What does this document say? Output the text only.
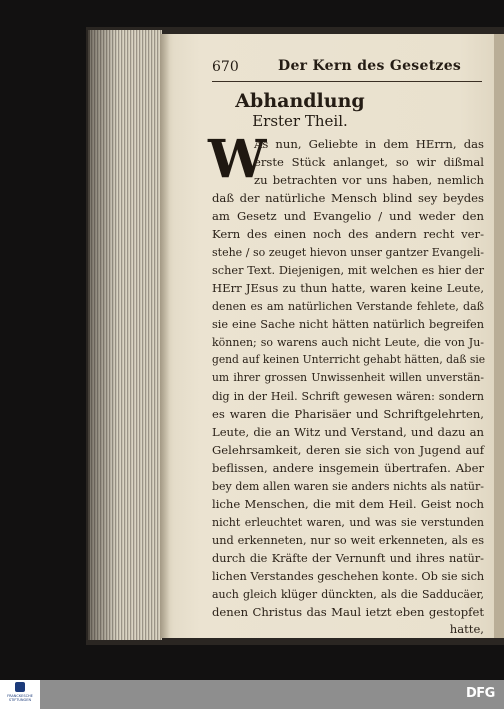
670	Der Kern des Gesetzes
Abhandlung
Erster Theil.
W
As nun, Geliebte in dem HErrn, das
erste Stück anlanget, so wir dißmal
zu betrachten vor uns haben, nemlich
daß der natürliche Mensch blind sey beydes
am Gesetz und Evangelio / und weder den
Kern des einen noch des andern recht ver-
stehe / so zeuget hievon unser gantzer Evangeli-
scher Text. Diejenigen, mit welchen es hier der
HErr JEsus zu thun hatte, waren keine Leute,
denen es am natürlichen Verstande fehlete, daß
sie eine Sache nicht hätten natürlich begreifen
können; so warens auch nicht Leute, die von Ju-
gend auf keinen Unterricht gehabt hätten, daß sie
um ihrer grossen Unwissenheit willen unverstän-
dig in der Heil. Schrift gewesen wären: sondern
es waren die Pharisäer und Schriftgelehrten,
Leute, die an Witz und Verstand, und dazu an
Gelehrsamkeit, deren sie sich von Jugend auf
beflissen, andere insgemein übertrafen. Aber
bey dem allen waren sie anders nichts als natür-
liche Menschen, die mit dem Heil. Geist noch
nicht erleuchtet waren, und was sie verstunden
und erkenneten, nur so weit erkenneten, als es
durch die Kräfte der Vernunft und ihres natür-
lichen Verstandes geschehen konte. Ob sie sich
auch gleich klüger dünckten, als die Sadducäer,
denen Christus das Maul ietzt eben gestopfet
hatte,
FRANCKESCHE STIFTUNGEN	DFG
